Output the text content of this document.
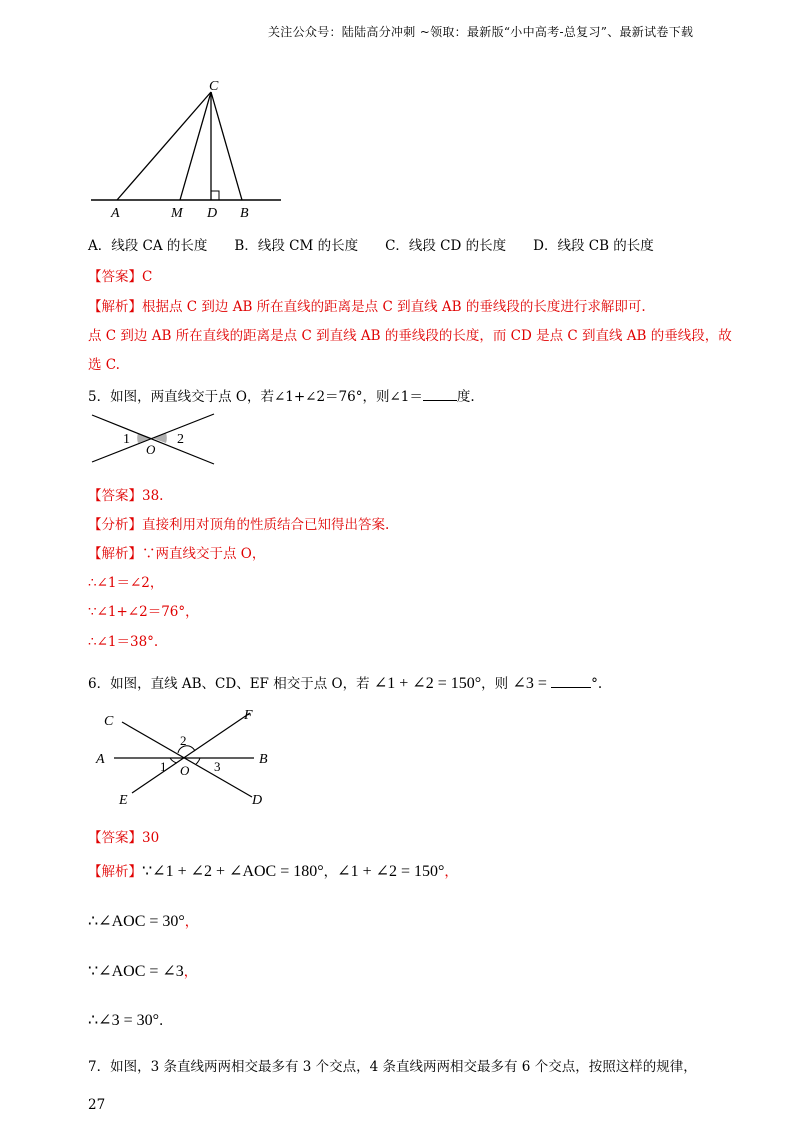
关注公众号：陆陆高分冲刺 ~领取：最新版“小中高考-总复习”、最新试卷下载
C
A	M D B
A．线段 CA 的长度　　B．线段 CM 的长度　　C．线段 CD 的长度　　D．线段 CB 的长度
【答案】C
【解析】根据点 C 到边 AB 所在直线的距离是点 C 到直线 AB 的垂线段的长度进行求解即可.
点 C 到边 AB 所在直线的距离是点 C 到直线 AB 的垂线段的长度，而 CD 是点 C 到直线 AB 的垂线段，故
选 C.
5．如图，两直线交于点 O，若∠1+∠2＝76°，则∠1＝	度.
1	2
O
【答案】38.
【分析】直接利用对顶角的性质结合已知得出答案.
【解析】∵两直线交于点 O，
∴∠1＝∠2，
∵∠1+∠2＝76°，
∴∠1＝38°.
6．如图，直线 AB、CD、EF 相交于点 O，若 ∠1 + ∠2 = 150°，则 ∠3 =	°.
C	F
A	B
E	D
O
1
2
3
【答案】30
【解析】∵∠1 + ∠2 + ∠AOC = 180°，∠1 + ∠2 = 150°，
∴∠AOC = 30°，
∵∠AOC = ∠3，
∴∠3 = 30°.
7．如图，3 条直线两两相交最多有 3 个交点，4 条直线两两相交最多有 6 个交点，按照这样的规律，
27
